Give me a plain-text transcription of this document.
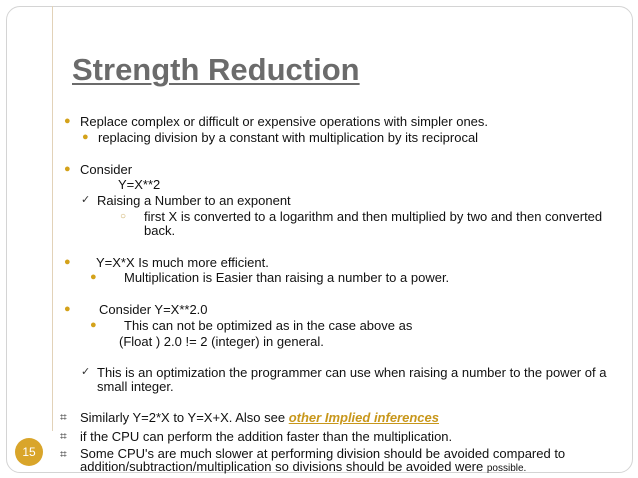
Strength Reduction
● Replace complex or difficult or expensive operations with simpler ones.
● replacing division by a constant with multiplication by its reciprocal
● Consider
Y=X**2
✓ Raising a Number to an exponent
○ first X is converted to a logarithm and then multiplied by two and then converted
back.
● Y=X*X Is much more efficient.
● Multiplication is Easier than raising a number to a power.
● Consider Y=X**2.0
● This can not be optimized as in the case above as
(Float ) 2.0 != 2 (integer) in general.
✓ This is an optimization the programmer can use when raising a number to the power of a
small integer.
⌗ Similarly Y=2*X to Y=X+X. Also see other Implied inferences
⌗ if the CPU can perform the addition faster than the multiplication.
⌗ Some CPU's are much slower at performing division should be avoided compared to
addition/subtraction/multiplication so divisions should be avoided were possible.
15
